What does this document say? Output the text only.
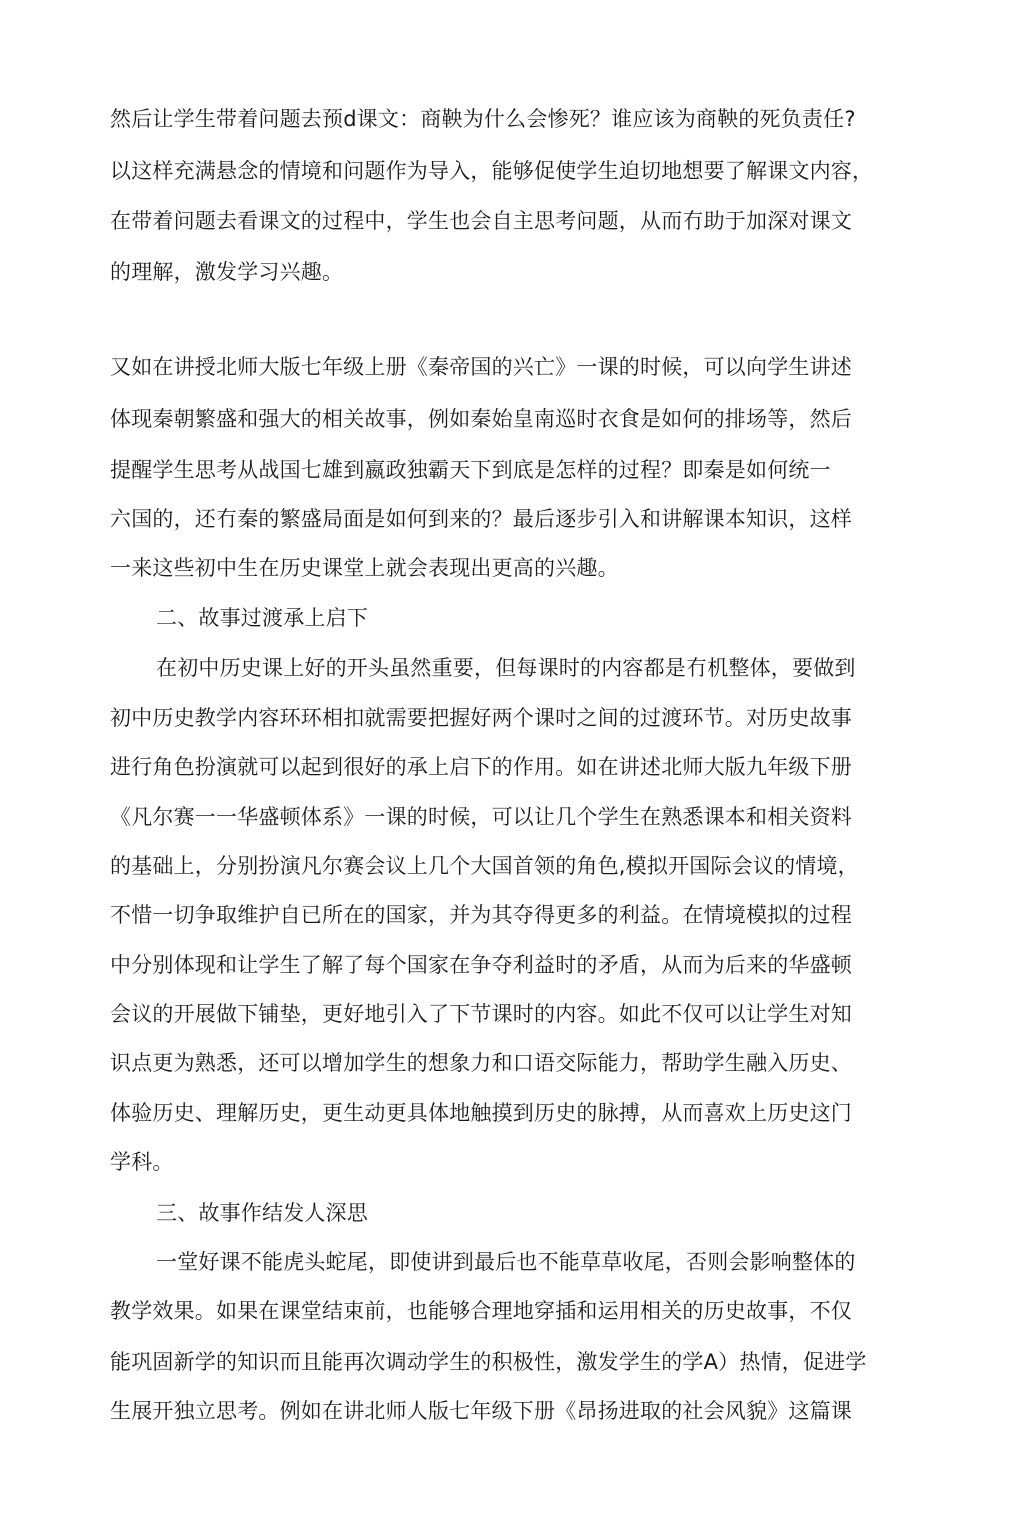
然后让学生带着问题去预d课文：商鞅为什么会惨死？谁应该为商鞅的死负责任?
以这样充满悬念的情境和问题作为导入，能够促使学生迫切地想要了解课文内容，
在带着问题去看课文的过程中，学生也会自主思考问题，从而冇助于加深对课文
的理解，激发学习兴趣。
又如在讲授北师大版七年级上册《秦帝国的兴亡》一课的时候，可以向学生讲述
体现秦朝繁盛和强大的相关故事，例如秦始皇南巡时衣食是如何的排场等，然后
提醒学生思考从战国七雄到嬴政独霸天下到底是怎样的过程？即秦是如何统一
六国的，还冇秦的繁盛局面是如何到来的？最后逐步引入和讲解课本知识，这样
一来这些初中生在历史课堂上就会表现出更高的兴趣。
二、故事过渡承上启下
在初中历史课上好的开头虽然重要，但每课时的内容都是冇机整体，要做到
初中历史教学内容环环相扣就需要把握好两个课吋之间的过渡环节。对历史故事
进行角色扮演就可以起到很好的承上启下的作用。如在讲述北师大版九年级下册
《凡尔赛一一华盛顿体系》一课的时候，可以让几个学生在熟悉课本和相关资料
的基础上，分别扮演凡尔赛会议上几个大国首领的角色,模拟开国际会议的情境，
不惜一切争取维护自已所在的国家，并为其夺得更多的利益。在情境模拟的过程
中分别体现和让学生了解了每个国家在争夺利益时的矛盾，从而为后来的华盛顿
会议的开展做下铺垫，更好地引入了下节课时的内容。如此不仅可以让学生对知
识点更为熟悉，还可以增加学生的想象力和口语交际能力，帮助学生融入历史、
体验历史、理解历史，更生动更具体地触摸到历史的脉搏，从而喜欢上历史这门
学科。
三、故事作结发人深思
一堂好课不能虎头蛇尾，即使讲到最后也不能草草收尾，否则会影响整体的
教学效果。如果在课堂结束前，也能够合理地穿插和运用相关的历史故事，不仅
能巩固新学的知识而且能再次调动学生的积极性，激发学生的学A）热情，促进学
生展开独立思考。例如在讲北师人版七年级下册《昂扬进取的社会风貌》这篇课
